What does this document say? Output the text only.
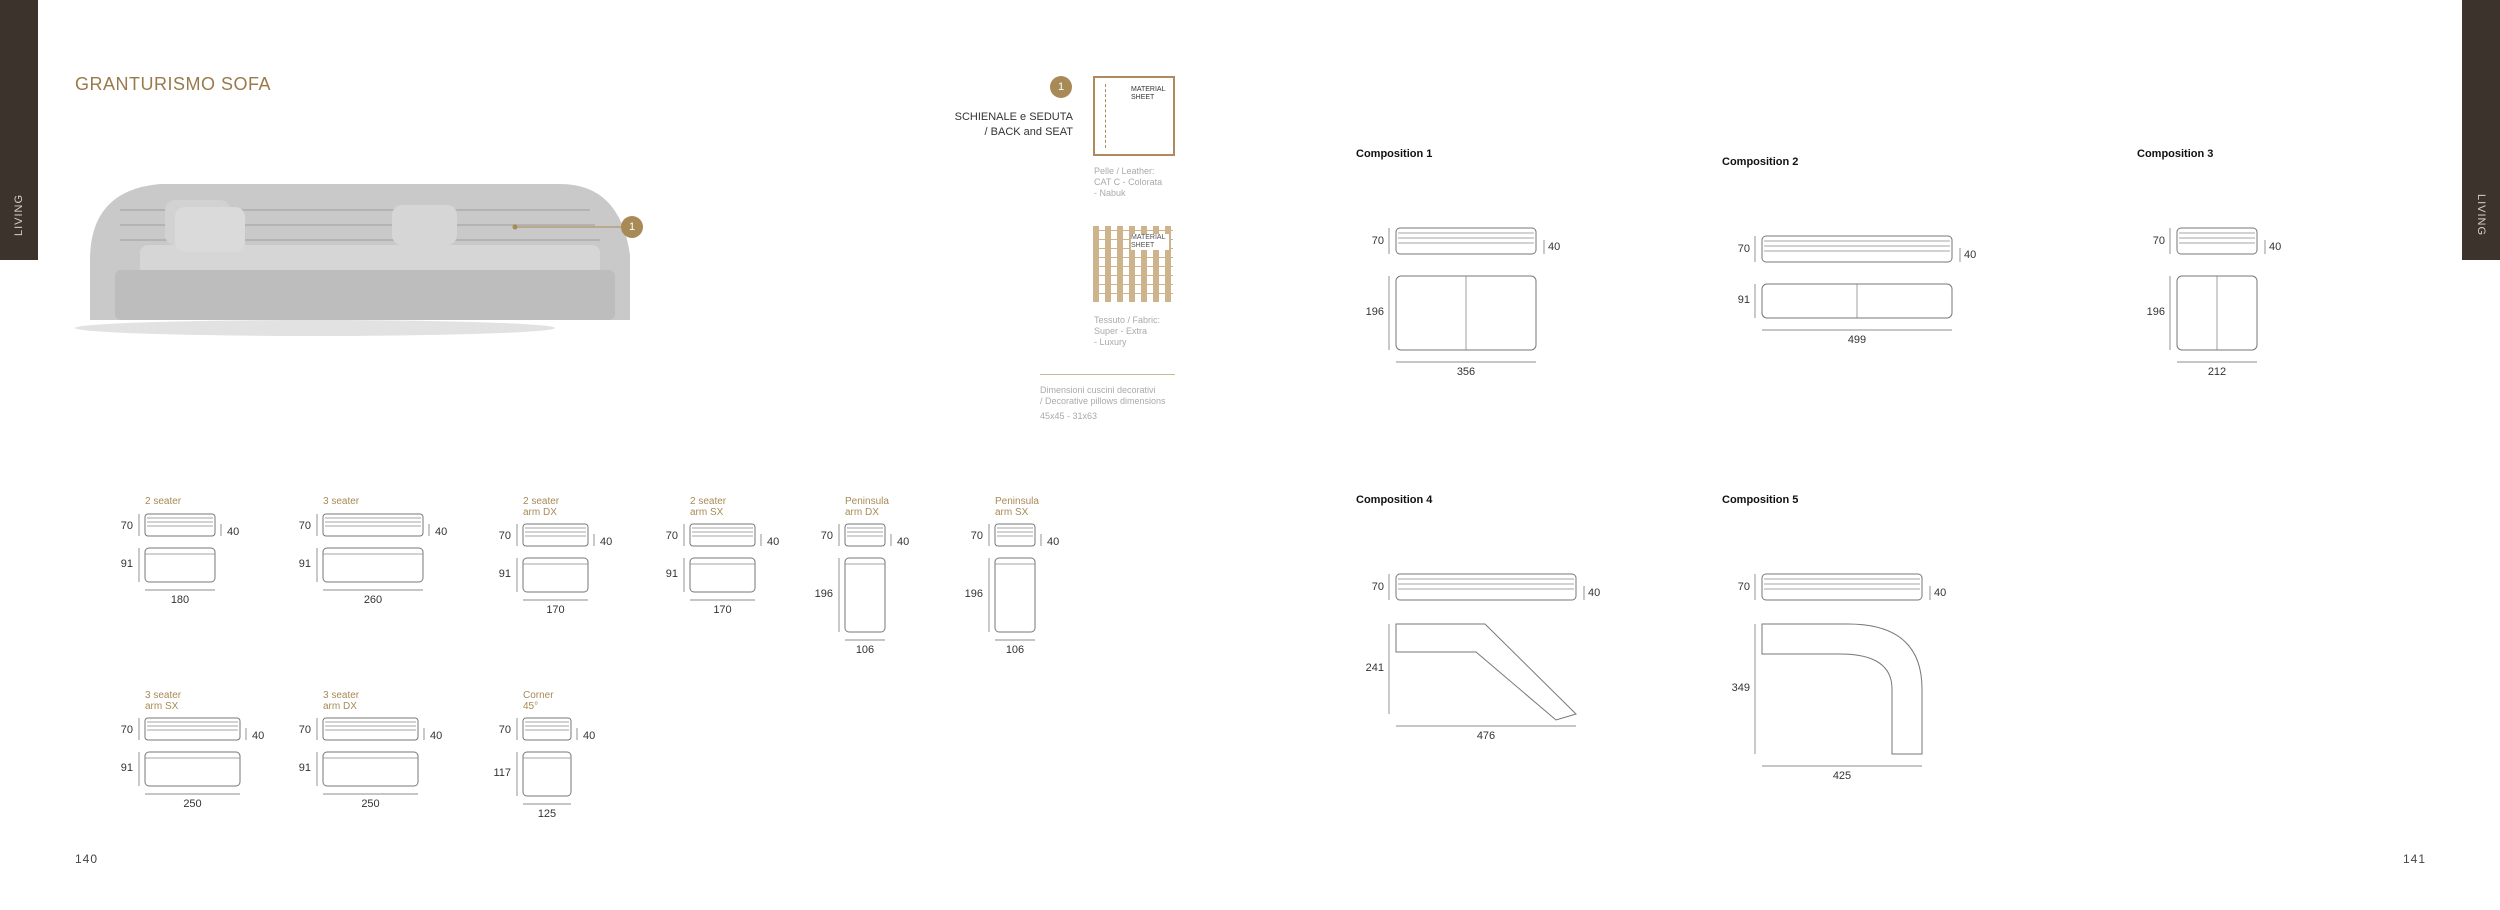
LIVING	LIVING
GRANTURISMO SOFA
1
1
SCHIENALE e SEDUTA
/ BACK and SEAT
MATERIAL SHEET
Pelle / Leather:
CAT C - Colorata
- Nabuk
MATERIAL SHEET
Tessuto / Fabric:
Super - Extra
- Luxury
Dimensioni cuscini decorativi
/ Decorative pillows dimensions
45x45 - 31x63
2 seater
70	40
91
180
3 seater
70	40
91
260
2 seater
arm DX
70	40
91
170
2 seater
arm SX
70	40
91
170
Peninsula
arm DX
70	40
196
106
Peninsula
arm SX
70	40
196
106
3 seater
arm SX
70	40
91
250
3 seater
arm DX
70	40
91
250
Corner
45°
70	40
117
125
Composition 1
70	40
196
356
Composition 2
70	40
91
499
Composition 3
70	40
196
212
Composition 4
70	40
241
476
Composition 5
70	40
349
425
140	141
